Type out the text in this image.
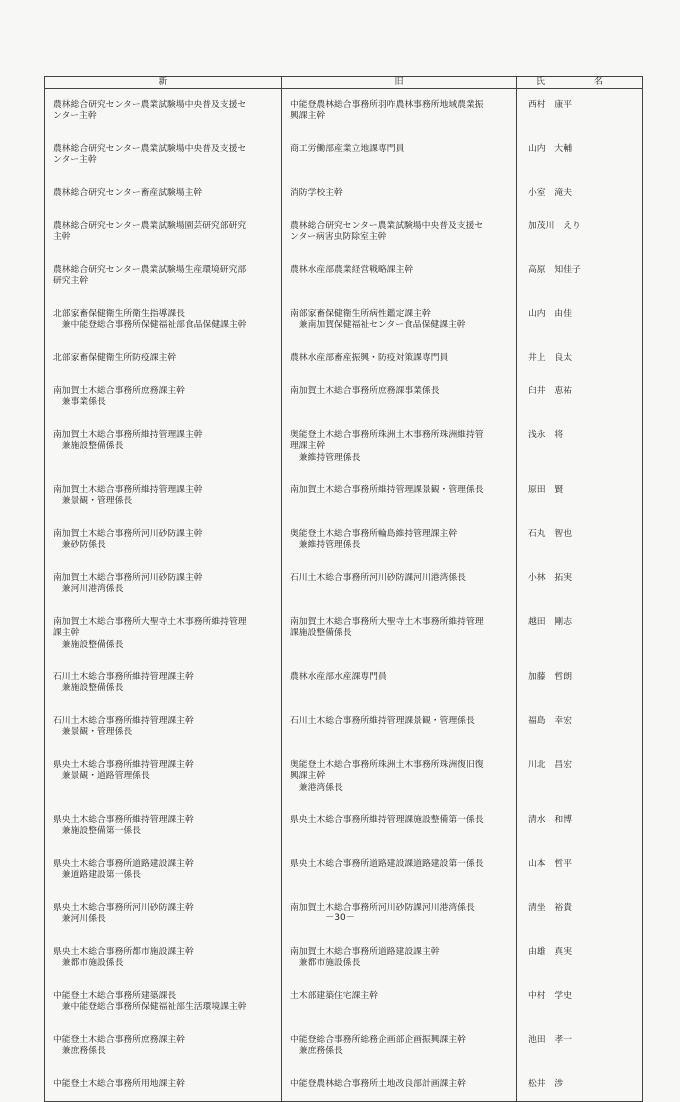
新	旧	氏　名

農林総合研究センター農業試験場中央普及支援セ
ンター主幹	中能登農林総合事務所羽咋農林事務所地域農業振
興課主幹	西村　康平

農林総合研究センター農業試験場中央普及支援セ
ンター主幹	商工労働部産業立地課専門員	山内　大輔

農林総合研究センター畜産試験場主幹	消防学校主幹	小室　滝夫

農林総合研究センター農業試験場園芸研究部研究
主幹	農林総合研究センター農業試験場中央普及支援セ
ンター病害虫防除室主幹	加茂川　えり

農林総合研究センター農業試験場生産環境研究部
研究主幹	農林水産部農業経営戦略課主幹	高原　知佳子

北部家畜保健衛生所衛生指導課長
　兼中能登総合事務所保健福祉部食品保健課主幹	南部家畜保健衛生所病性鑑定課主幹
　兼南加賀保健福祉センター食品保健課主幹	山内　由佳

北部家畜保健衛生所防疫課主幹	農林水産部畜産振興・防疫対策課専門員	井上　良太

南加賀土木総合事務所庶務課主幹
　兼事業係長	南加賀土木総合事務所庶務課事業係長	臼井　恵祐

南加賀土木総合事務所維持管理課主幹
　兼施設整備係長	奥能登土木総合事務所珠洲土木事務所珠洲維持管
理課主幹
　兼維持管理係長	浅永　将

南加賀土木総合事務所維持管理課主幹
　兼景観・管理係長	南加賀土木総合事務所維持管理課景観・管理係長	原田　賢

南加賀土木総合事務所河川砂防課主幹
　兼砂防係長	奥能登土木総合事務所輪島維持管理課主幹
　兼維持管理係長	石丸　智也

南加賀土木総合事務所河川砂防課主幹
　兼河川港湾係長	石川土木総合事務所河川砂防課河川港湾係長	小林　拓実

南加賀土木総合事務所大聖寺土木事務所維持管理
課主幹
　兼施設整備係長	南加賀土木総合事務所大聖寺土木事務所維持管理
課施設整備係長	越田　剛志

石川土木総合事務所維持管理課主幹
　兼施設整備係長	農林水産部水産課専門員	加藤　哲朗

石川土木総合事務所維持管理課主幹
　兼景観・管理係長	石川土木総合事務所維持管理課景観・管理係長	福島　幸宏

県央土木総合事務所維持管理課主幹
　兼景観・道路管理係長	奥能登土木総合事務所珠洲土木事務所珠洲復旧復
興課主幹
　兼港湾係長	川北　昌宏

県央土木総合事務所維持管理課主幹
　兼施設整備第一係長	県央土木総合事務所維持管理課施設整備第一係長	清水　和博

県央土木総合事務所道路建設課主幹
　兼道路建設第一係長	県央土木総合事務所道路建設課道路建設第一係長	山本　哲平

県央土木総合事務所河川砂防課主幹
　兼河川係長	南加賀土木総合事務所河川砂防課河川港湾係長	清坐　裕貴

県央土木総合事務所都市施設課主幹
　兼都市施設係長	南加賀土木総合事務所道路建設課主幹
　兼都市施設係長	由雄　真実

中能登土木総合事務所建築課長
　兼中能登総合事務所保健福祉部生活環境課主幹	土木部建築住宅課主幹	中村　学史

中能登土木総合事務所庶務課主幹
　兼庶務係長	中能登総合事務所総務企画部企画振興課主幹
　兼庶務係長	池田　孝一

中能登土木総合事務所用地課主幹	中能登農林総合事務所土地改良部計画課主幹	松井　涉
－30－
